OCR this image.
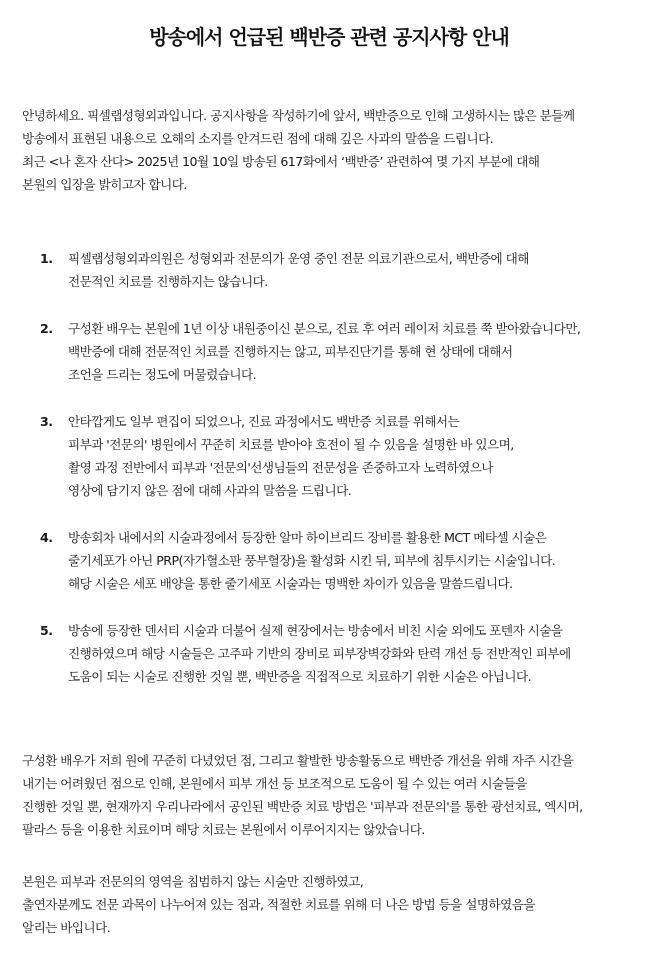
방송에서 언급된 백반증 관련 공지사항 안내
안녕하세요. 픽셀랩성형외과입니다. 공지사항을 작성하기에 앞서, 백반증으로 인해 고생하시는 많은 분들께
방송에서 표현된 내용으로 오해의 소지를 안겨드린 점에 대해 깊은 사과의 말씀을 드립니다.
최근 <나 혼자 산다> 2025년 10월 10일 방송된 617화에서 ‘백반증’ 관련하여 몇 가지 부분에 대해
본원의 입장을 밝히고자 합니다.
1. 픽셀랩성형외과의원은 성형외과 전문의가 운영 중인 전문 의료기관으로서, 백반증에 대해
전문적인 치료를 진행하지는 않습니다.
2. 구성환 배우는 본원에 1년 이상 내원중이신 분으로, 진료 후 여러 레이저 치료를 쭉 받아왔습니다만,
백반증에 대해 전문적인 치료를 진행하지는 않고, 피부진단기를 통해 현 상태에 대해서
조언을 드리는 정도에 머물렀습니다.
3. 안타깝게도 일부 편집이 되었으나, 진료 과정에서도 백반증 치료를 위해서는
피부과 '전문의' 병원에서 꾸준히 치료를 받아야 호전이 될 수 있음을 설명한 바 있으며,
촬영 과정 전반에서 피부과 '전문의'선생님들의 전문성을 존중하고자 노력하였으나
영상에 담기지 않은 점에 대해 사과의 말씀을 드립니다.
4. 방송회차 내에서의 시술과정에서 등장한 알마 하이브리드 장비를 활용한 MCT 메타셀 시술은
줄기세포가 아닌 PRP(자가혈소판 풍부혈장)을 활성화 시킨 뒤, 피부에 침투시키는 시술입니다.
해당 시술은 세포 배양을 통한 줄기세포 시술과는 명백한 차이가 있음을 말씀드립니다.
5. 방송에 등장한 덴서티 시술과 더불어 실제 현장에서는 방송에서 비친 시술 외에도 포텐자 시술을
진행하였으며 해당 시술들은 고주파 기반의 장비로 피부장벽강화와 탄력 개선 등 전반적인 피부에
도움이 되는 시술로 진행한 것일 뿐, 백반증을 직접적으로 치료하기 위한 시술은 아닙니다.
구성환 배우가 저희 원에 꾸준히 다녔었던 점, 그리고 활발한 방송활동으로 백반증 개선을 위해 자주 시간을
내기는 어려웠던 점으로 인해, 본원에서 피부 개선 등 보조적으로 도움이 될 수 있는 여러 시술들을
진행한 것일 뿐, 현재까지 우리나라에서 공인된 백반증 치료 방법은 '피부과 전문의'를 통한 광선치료, 엑시머,
팔라스 등을 이용한 치료이며 해당 치료는 본원에서 이루어지지는 않았습니다.
본원은 피부과 전문의의 영역을 침범하지 않는 시술만 진행하였고,
출연자분께도 전문 과목이 나누어져 있는 점과, 적절한 치료를 위해 더 나은 방법 등을 설명하였음을
알리는 바입니다.
